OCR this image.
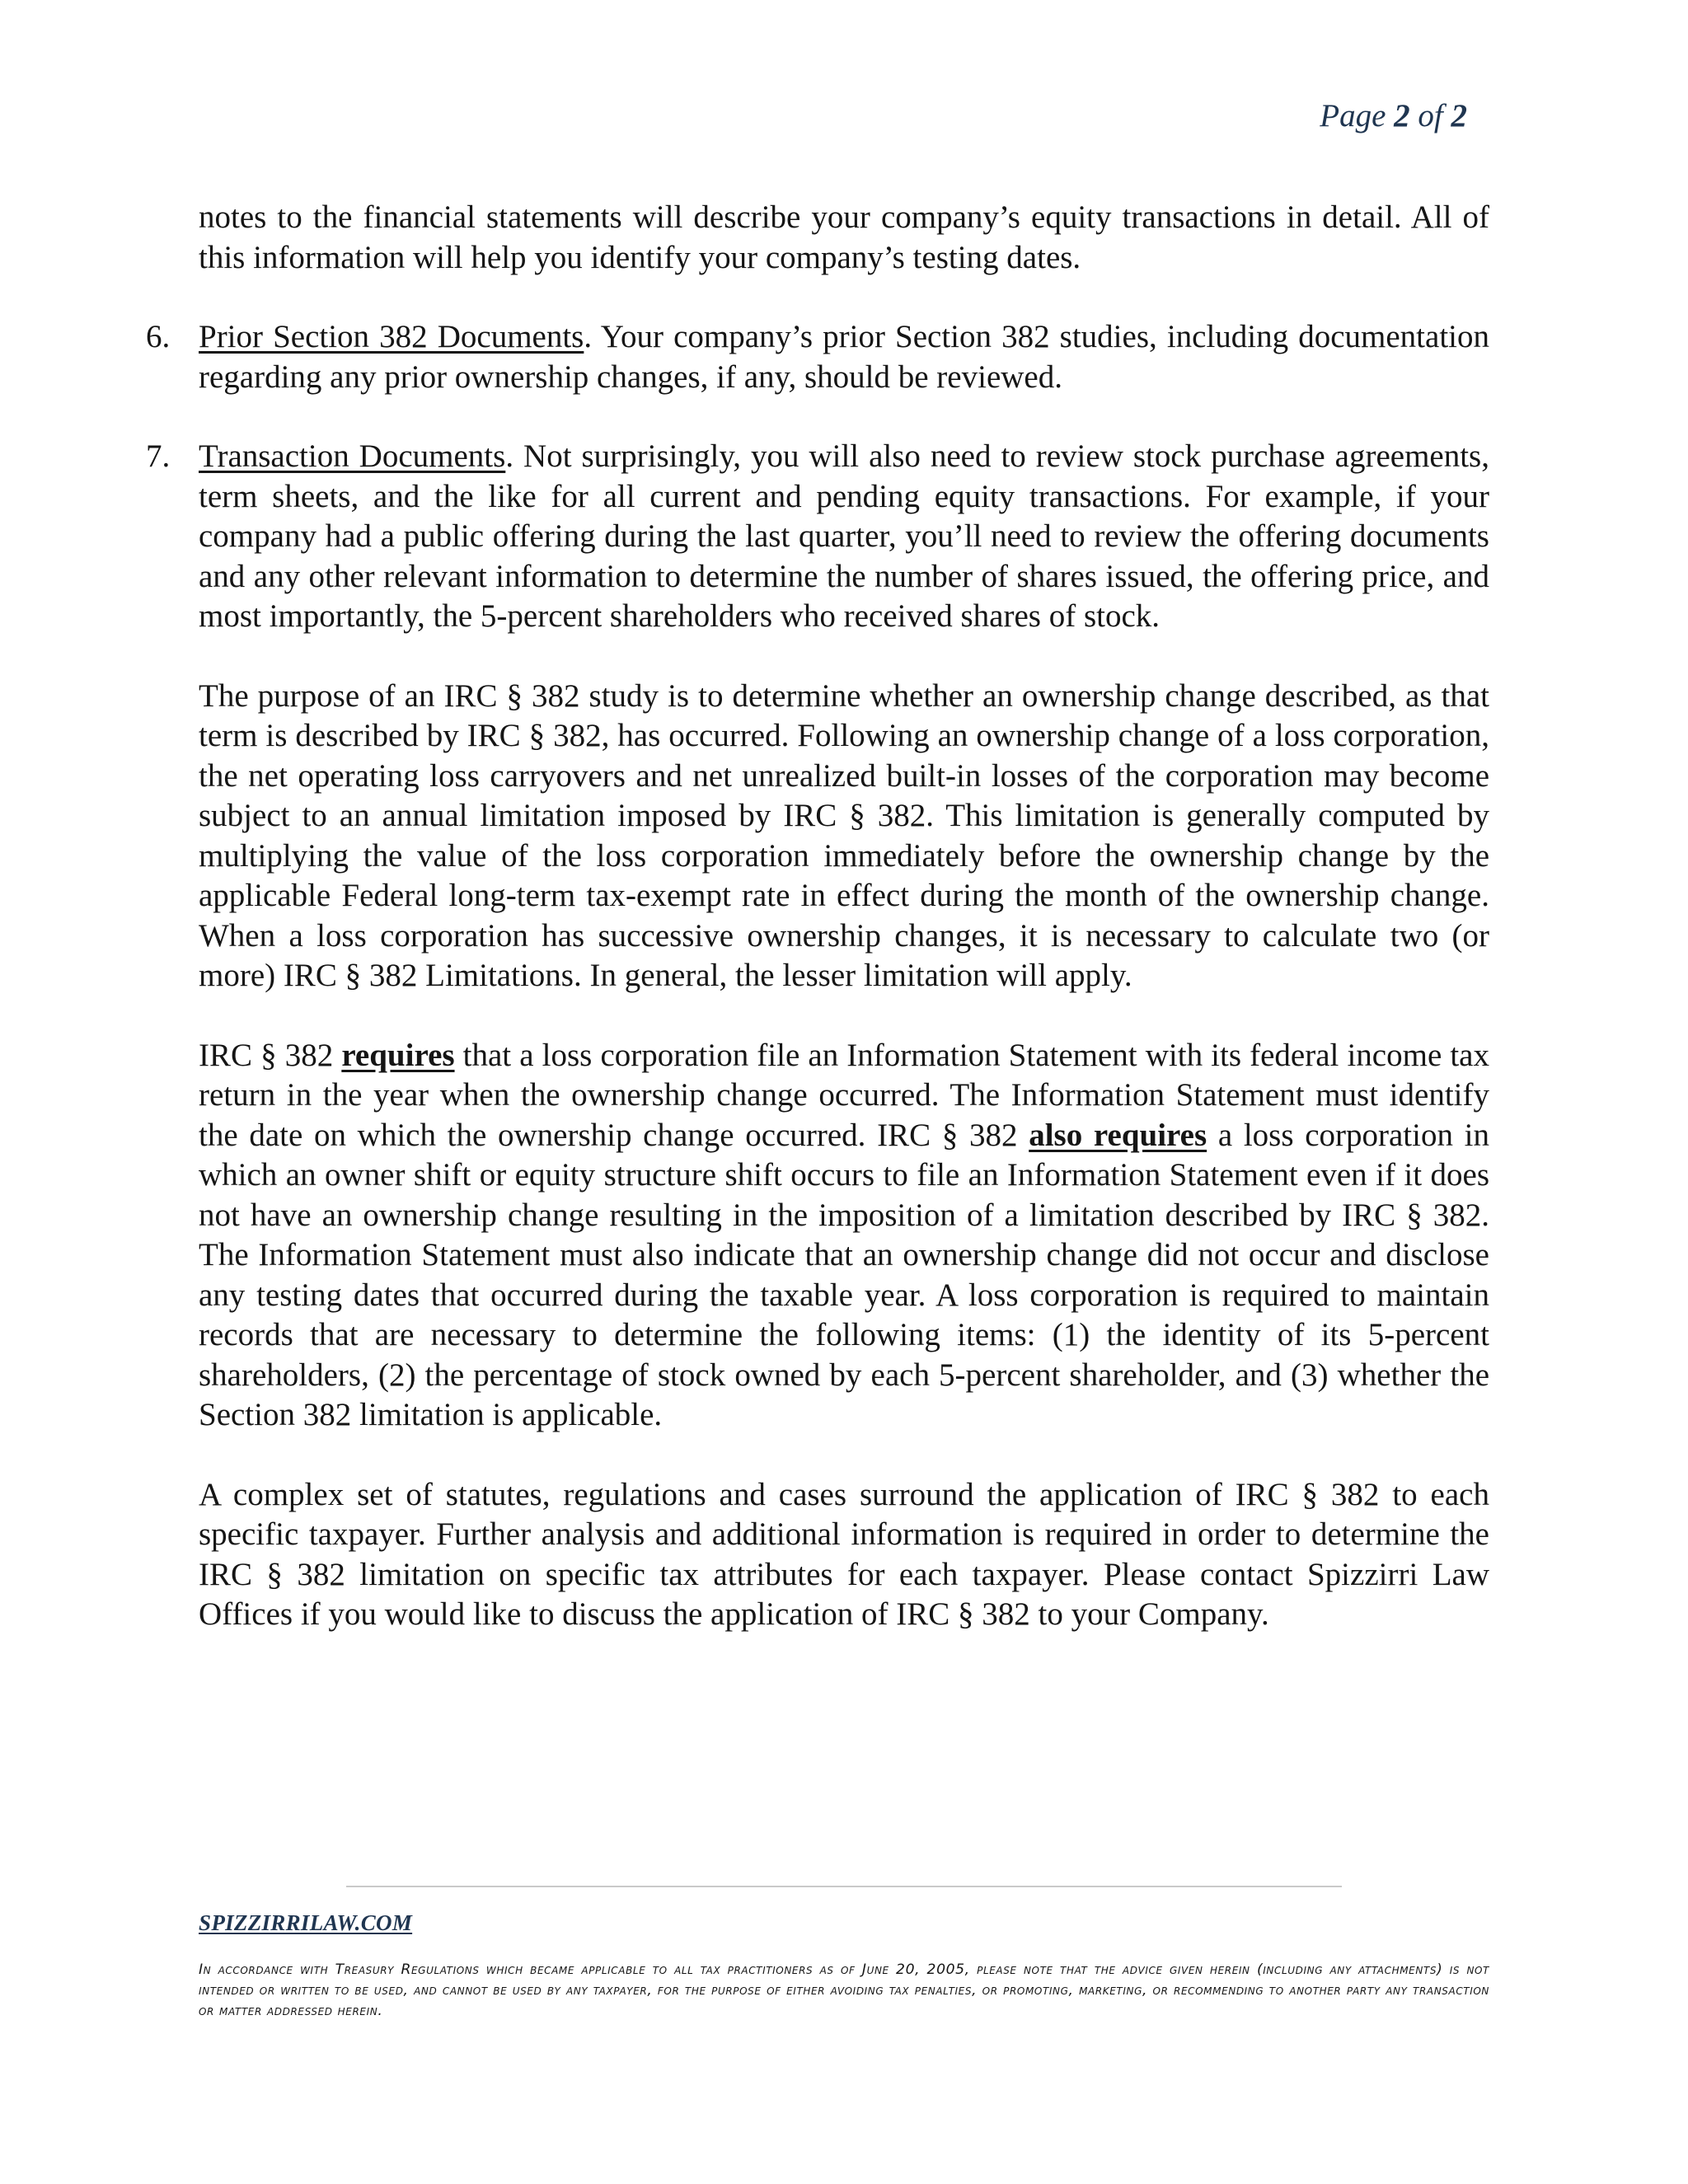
Page 2 of 2

notes to the financial statements will describe your company’s equity transactions in detail. All of this information will help you identify your company’s testing dates.

6. Prior Section 382 Documents. Your company’s prior Section 382 studies, including documentation regarding any prior ownership changes, if any, should be reviewed.

7. Transaction Documents. Not surprisingly, you will also need to review stock purchase agreements, term sheets, and the like for all current and pending equity transactions. For example, if your company had a public offering during the last quarter, you’ll need to review the offering documents and any other relevant information to determine the number of shares issued, the offering price, and most importantly, the 5-percent shareholders who received shares of stock.

The purpose of an IRC § 382 study is to determine whether an ownership change described, as that term is described by IRC § 382, has occurred. Following an ownership change of a loss corporation, the net operating loss carryovers and net unrealized built-in losses of the corporation may become subject to an annual limitation imposed by IRC § 382. This limitation is generally computed by multiplying the value of the loss corporation immediately before the ownership change by the applicable Federal long-term tax-exempt rate in effect during the month of the ownership change. When a loss corporation has successive ownership changes, it is necessary to calculate two (or more) IRC § 382 Limitations. In general, the lesser limitation will apply.

IRC § 382 requires that a loss corporation file an Information Statement with its federal income tax return in the year when the ownership change occurred. The Information Statement must identify the date on which the ownership change occurred. IRC § 382 also requires a loss corporation in which an owner shift or equity structure shift occurs to file an Information Statement even if it does not have an ownership change resulting in the imposition of a limitation described by IRC § 382. The Information Statement must also indicate that an ownership change did not occur and disclose any testing dates that occurred during the taxable year. A loss corporation is required to maintain records that are necessary to determine the following items: (1) the identity of its 5-percent shareholders, (2) the percentage of stock owned by each 5-percent shareholder, and (3) whether the Section 382 limitation is applicable.

A complex set of statutes, regulations and cases surround the application of IRC § 382 to each specific taxpayer. Further analysis and additional information is required in order to determine the IRC § 382 limitation on specific tax attributes for each taxpayer. Please contact Spizzirri Law Offices if you would like to discuss the application of IRC § 382 to your Company.

SPIZZIRRILAW.COM
In accordance with Treasury Regulations which became applicable to all tax practitioners as of June 20, 2005, please note that the advice given herein (including any attachments) is not intended or written to be used, and cannot be used by any taxpayer, for the purpose of either avoiding tax penalties, or promoting, marketing, or recommending to another party any transaction or matter addressed herein.
